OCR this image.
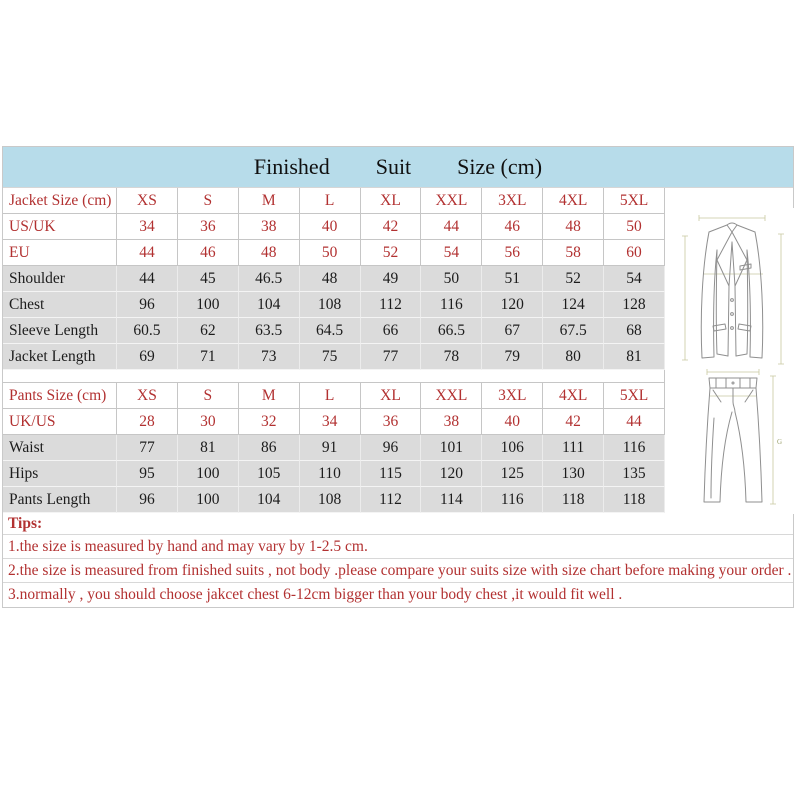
Finished Suit Size (cm)
Jacket Size (cm)	XS	S	M	L	XL	XXL	3XL	4XL	5XL
US/UK	34	36	38	40	42	44	46	48	50
EU	44	46	48	50	52	54	56	58	60
Shoulder	44	45	46.5	48	49	50	51	52	54
Chest	96	100	104	108	112	116	120	124	128
Sleeve Length	60.5	62	63.5	64.5	66	66.5	67	67.5	68
Jacket Length	69	71	73	75	77	78	79	80	81
Pants Size (cm)	XS	S	M	L	XL	XXL	3XL	4XL	5XL
UK/US	28	30	32	34	36	38	40	42	44
Waist	77	81	86	91	96	101	106	111	116
Hips	95	100	105	110	115	120	125	130	135
Pants Length	96	100	104	108	112	114	116	118	118
Tips:
1.the size is measured by hand and may vary by 1-2.5 cm.
2.the size is measured from finished suits , not body .please compare your suits size with size chart before making your order .
3.normally , you should choose jakcet chest 6-12cm bigger than your body chest ,it would fit well .
G
